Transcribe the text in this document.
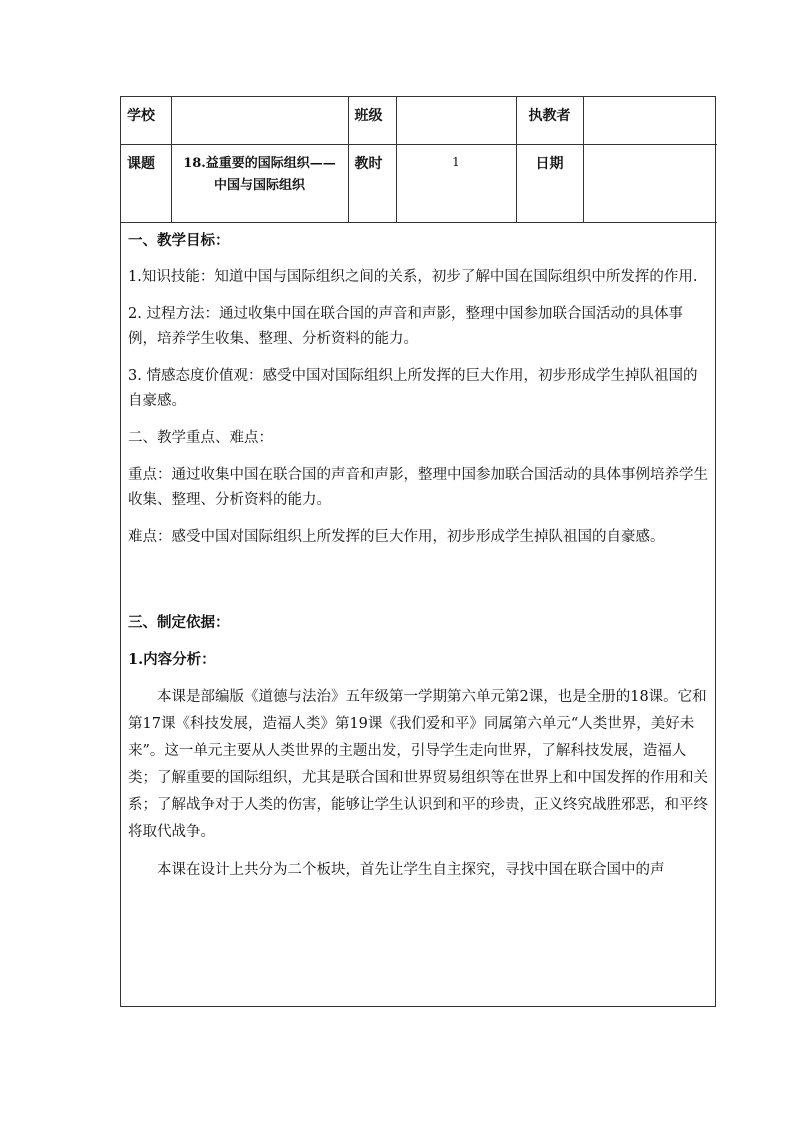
学校		班级		执教者	
课题	18.益重要的国际组织——
中国与国际组织	教时	1	日期	

一、教学目标：

1.知识技能：知道中国与国际组织之间的关系，初步了解中国在国际组织中所发挥的作用.

2. 过程方法：通过收集中国在联合国的声音和声影，整理中国参加联合国活动的具体事例，培养学生收集、整理、分析资料的能力。

3. 情感态度价值观：感受中国对国际组织上所发挥的巨大作用，初步形成学生掉队祖国的自豪感。

二、教学重点、难点：

重点：通过收集中国在联合国的声音和声影，整理中国参加联合国活动的具体事例培养学生收集、整理、分析资料的能力。

难点：感受中国对国际组织上所发挥的巨大作用，初步形成学生掉队祖国的自豪感。

三、制定依据：

1.内容分析：

本课是部编版《道德与法治》五年级第一学期第六单元第2课，也是全册的18课。它和第17课《科技发展，造福人类》第19课《我们爱和平》同属第六单元“人类世界，美好未来”。这一单元主要从人类世界的主题出发，引导学生走向世界，了解科技发展，造福人类；了解重要的国际组织，尤其是联合国和世界贸易组织等在世界上和中国发挥的作用和关系；了解战争对于人类的伤害，能够让学生认识到和平的珍贵，正义终究战胜邪恶，和平终将取代战争。

本课在设计上共分为二个板块，首先让学生自主探究，寻找中国在联合国中的声
